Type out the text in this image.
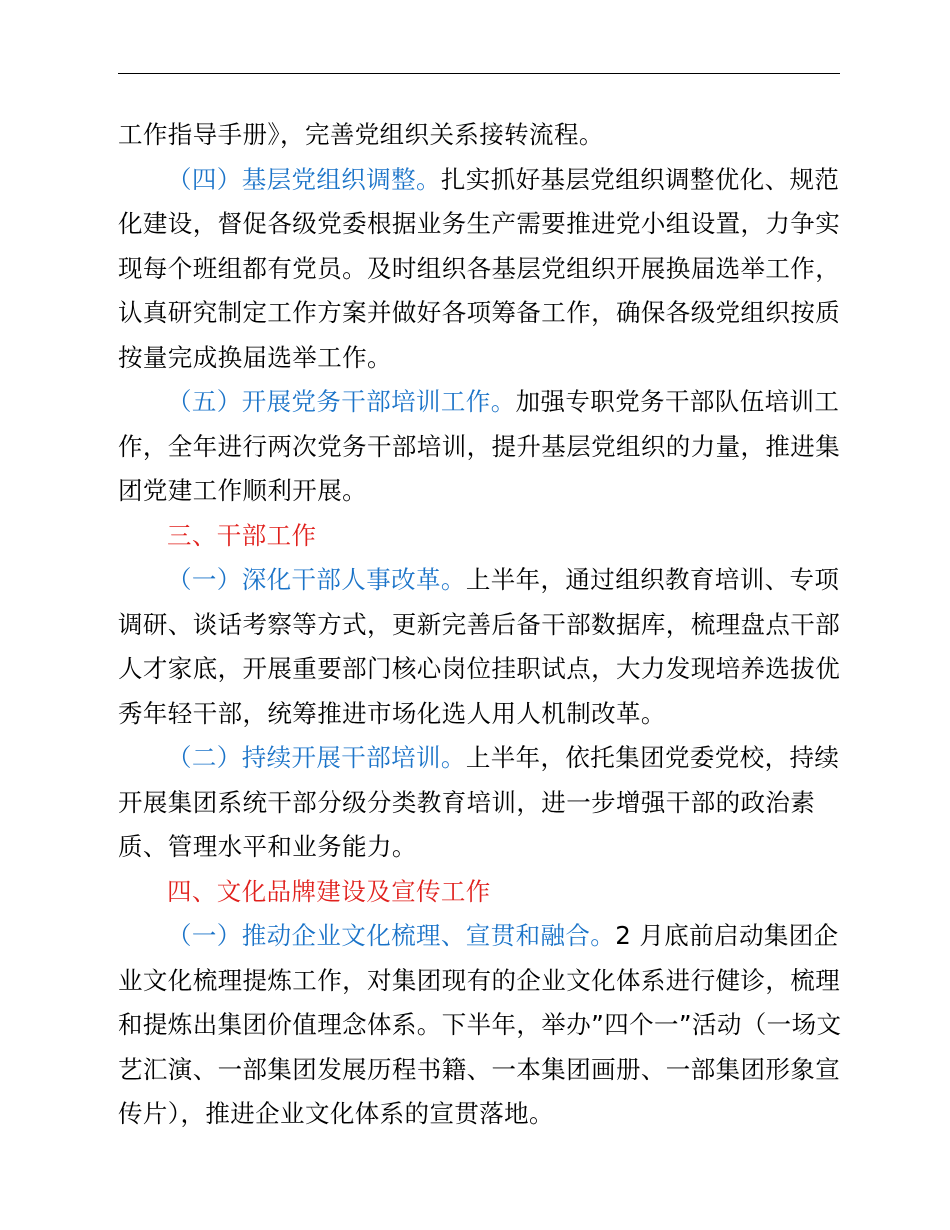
工作指导手册》，完善党组织关系接转流程。

（四）基层党组织调整。扎实抓好基层党组织调整优化、规范化建设，督促各级党委根据业务生产需要推进党小组设置，力争实现每个班组都有党员。及时组织各基层党组织开展换届选举工作，认真研究制定工作方案并做好各项筹备工作，确保各级党组织按质按量完成换届选举工作。

（五）开展党务干部培训工作。加强专职党务干部队伍培训工作，全年进行两次党务干部培训，提升基层党组织的力量，推进集团党建工作顺利开展。

三、干部工作

（一）深化干部人事改革。上半年，通过组织教育培训、专项调研、谈话考察等方式，更新完善后备干部数据库，梳理盘点干部人才家底，开展重要部门核心岗位挂职试点，大力发现培养选拔优秀年轻干部，统筹推进市场化选人用人机制改革。

（二）持续开展干部培训。上半年，依托集团党委党校，持续开展集团系统干部分级分类教育培训，进一步增强干部的政治素质、管理水平和业务能力。

四、文化品牌建设及宣传工作

（一）推动企业文化梳理、宣贯和融合。2 月底前启动集团企业文化梳理提炼工作，对集团现有的企业文化体系进行健诊，梳理和提炼出集团价值理念体系。下半年，举办”四个一”活动（一场文艺汇演、一部集团发展历程书籍、一本集团画册、一部集团形象宣传片），推进企业文化体系的宣贯落地。
